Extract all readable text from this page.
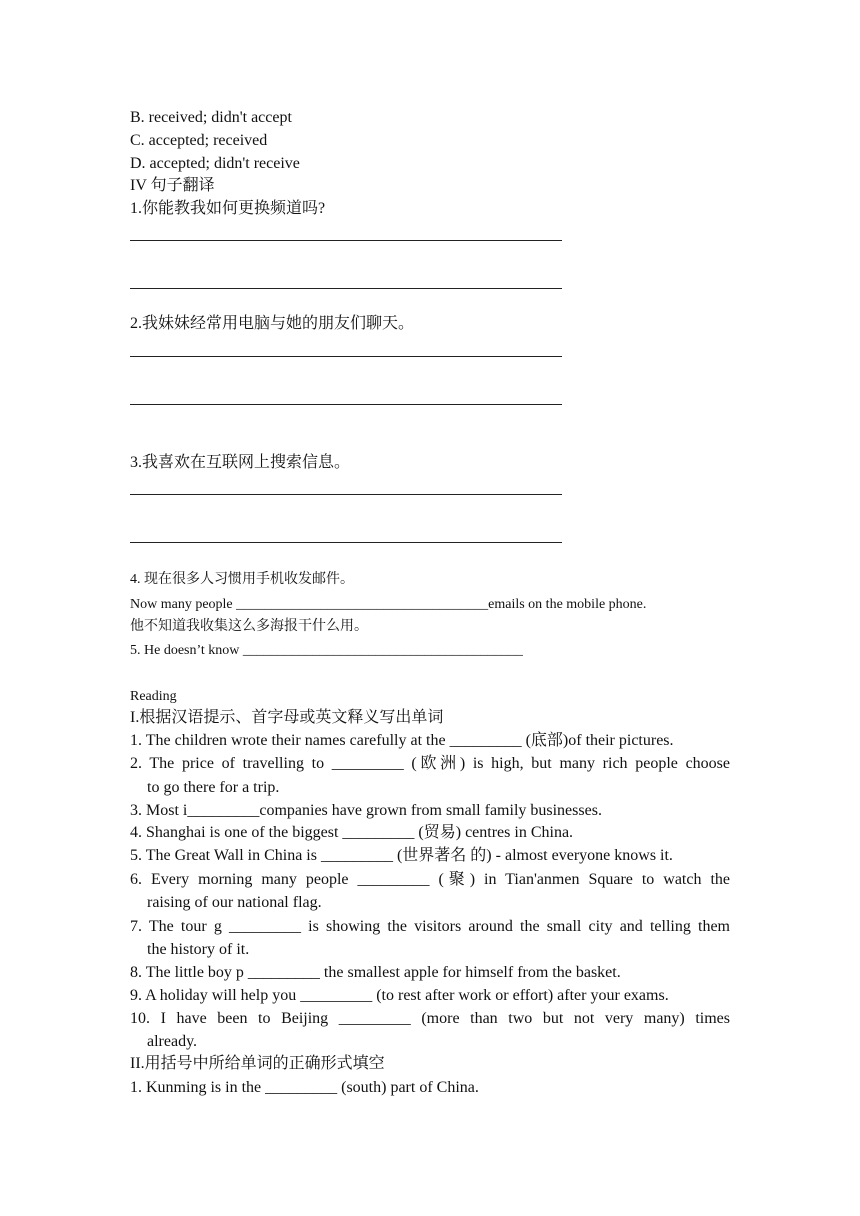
B. received; didn't accept
C. accepted; received
D. accepted; didn't receive
IV 句子翻译
1.你能教我如何更换频道吗?
2.我妹妹经常用电脑与她的朋友们聊天。
3.我喜欢在互联网上搜索信息。
4. 现在很多人习惯用手机收发邮件。
Now many people ____________________________________emails on the mobile phone.
他不知道我收集这么多海报干什么用。
5. He doesn’t know ________________________________________
Reading
I.根据汉语提示、首字母或英文释义写出单词
1. The children wrote their names carefully at the _________ (底部)of their pictures.
2. The price of travelling to _________ (欧洲) is high, but many rich people choose
to go there for a trip.
3. Most i_________companies have grown from small family businesses.
4. Shanghai is one of the biggest _________ (贸易) centres in China.
5. The Great Wall in China is _________ (世界著名 的) - almost everyone knows it.
6. Every morning many people _________ (聚) in Tian'anmen Square to watch the
raising of our national flag.
7. The tour g _________ is showing the visitors around the small city and telling them
the history of it.
8. The little boy p _________ the smallest apple for himself from the basket.
9. A holiday will help you _________ (to rest after work or effort) after your exams.
10. I have been to Beijing _________ (more than two but not very many) times
already.
II.用括号中所给单词的正确形式填空
1. Kunming is in the _________ (south) part of China.
